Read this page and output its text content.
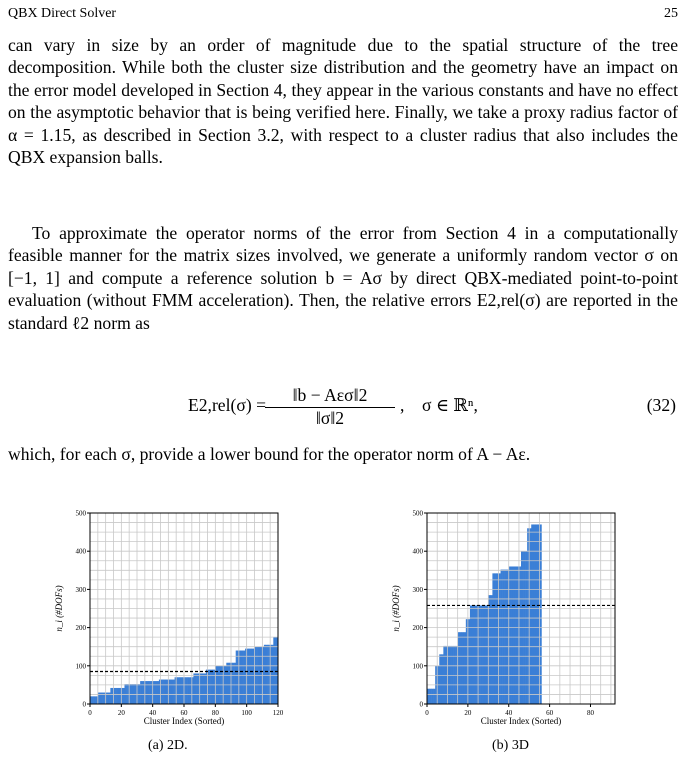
QBX Direct Solver	25

can vary in size by an order of magnitude due to the spatial structure of the tree decomposition. While both the cluster size distribution and the geometry have an impact on the error model developed in Section 4, they appear in the various constants and have no effect on the asymptotic behavior that is being verified here. Finally, we take a proxy radius factor of α = 1.15, as described in Section 3.2, with respect to a cluster radius that also includes the QBX expansion balls.

To approximate the operator norms of the error from Section 4 in a computationally feasible manner for the matrix sizes involved, we generate a uniformly random vector σ on [−1, 1] and compute a reference solution b = Aσ by direct QBX-mediated point-to-point evaluation (without FMM acceleration). Then, the relative errors E2,rel(σ) are reported in the standard ℓ2 norm as

E2,rel(σ) =	‖b − Aεσ‖2
‖σ‖2
,    σ ∈ ℝⁿ,	(32)
which, for each σ, provide a lower bound for the operator norm of A − Aε.
0	20	40	60	80	100	120
0
100
200
300
400
500
Cluster Index (Sorted)
n_i (#DOFs)
0	20	40	60	80
0
100
200
300
400
500
Cluster Index (Sorted)
n_i (#DOFs)
(a) 2D.	(b) 3D
